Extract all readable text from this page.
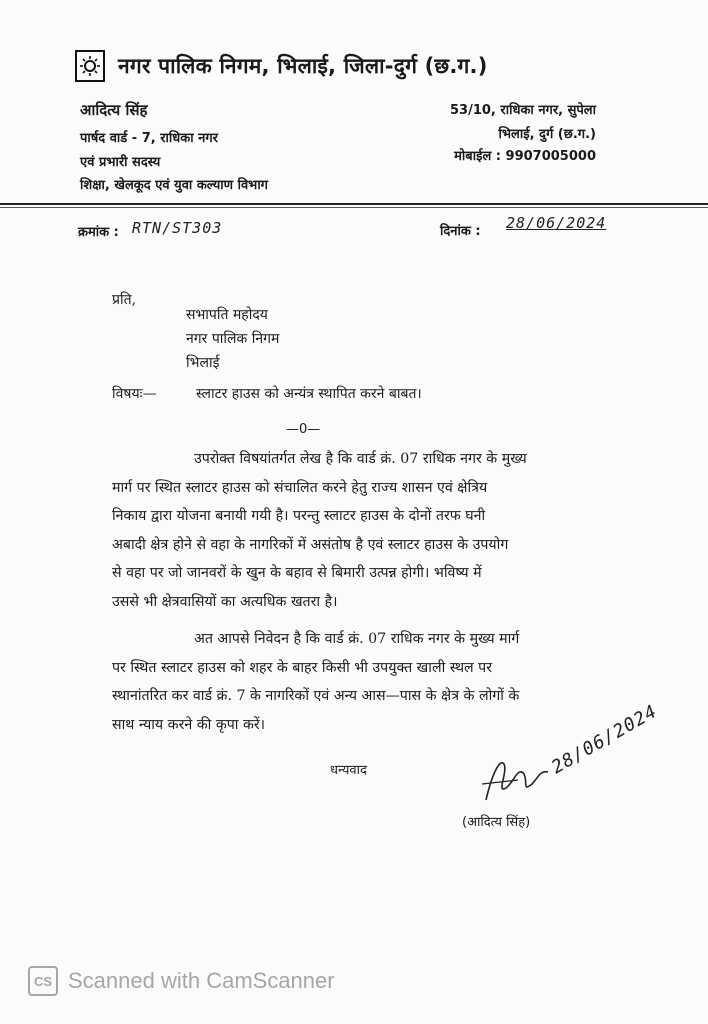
नगर पालिक निगम, भिलाई, जिला-दुर्ग (छ.ग.)
आदित्य सिंह
पार्षद वार्ड - 7, राधिका नगर
एवं प्रभारी सदस्य
शिक्षा, खेलकूद एवं युवा कल्याण विभाग
53/10, राधिका नगर, सुपेला
भिलाई, दुर्ग (छ.ग.)
मोबाईल : 9907005000
क्रमांक : RTN/ST303	दिनांक : 28/06/2024
प्रति,
सभापति महोदय
नगर पालिक निगम
भिलाई
विषयः—	स्लाटर हाउस को अन्यंत्र स्थापित करने बाबत।
—0—
उपरोक्त विषयांतर्गत लेख है कि वार्ड क्रं. 07 राधिक नगर के मुख्य
मार्ग पर स्थित स्लाटर हाउस को संचालित करने हेतु राज्य शासन एवं क्षेत्रिय
निकाय द्वारा योजना बनायी गयी है। परन्तु स्लाटर हाउस के दोनों तरफ घनी
अबादी क्षेत्र होने से वहा के नागरिकों में असंतोष है एवं स्लाटर हाउस के उपयोग
से वहा पर जो जानवरों के खुन के बहाव से बिमारी उत्पन्न होगी। भविष्य में
उससे भी क्षेत्रवासियों का अत्यधिक खतरा है।
अत आपसे निवेदन है कि वार्ड क्रं. 07 राधिक नगर के मुख्य मार्ग
पर स्थित स्लाटर हाउस को शहर के बाहर किसी भी उपयुक्त खाली स्थल पर
स्थानांतरित कर वार्ड क्रं. 7 के नागरिकों एवं अन्य आस—पास के क्षेत्र के लोगों के
साथ न्याय करने की कृपा करें।
धन्यवाद	28/06/2024
(आदित्य सिंह)
CS Scanned with CamScanner
